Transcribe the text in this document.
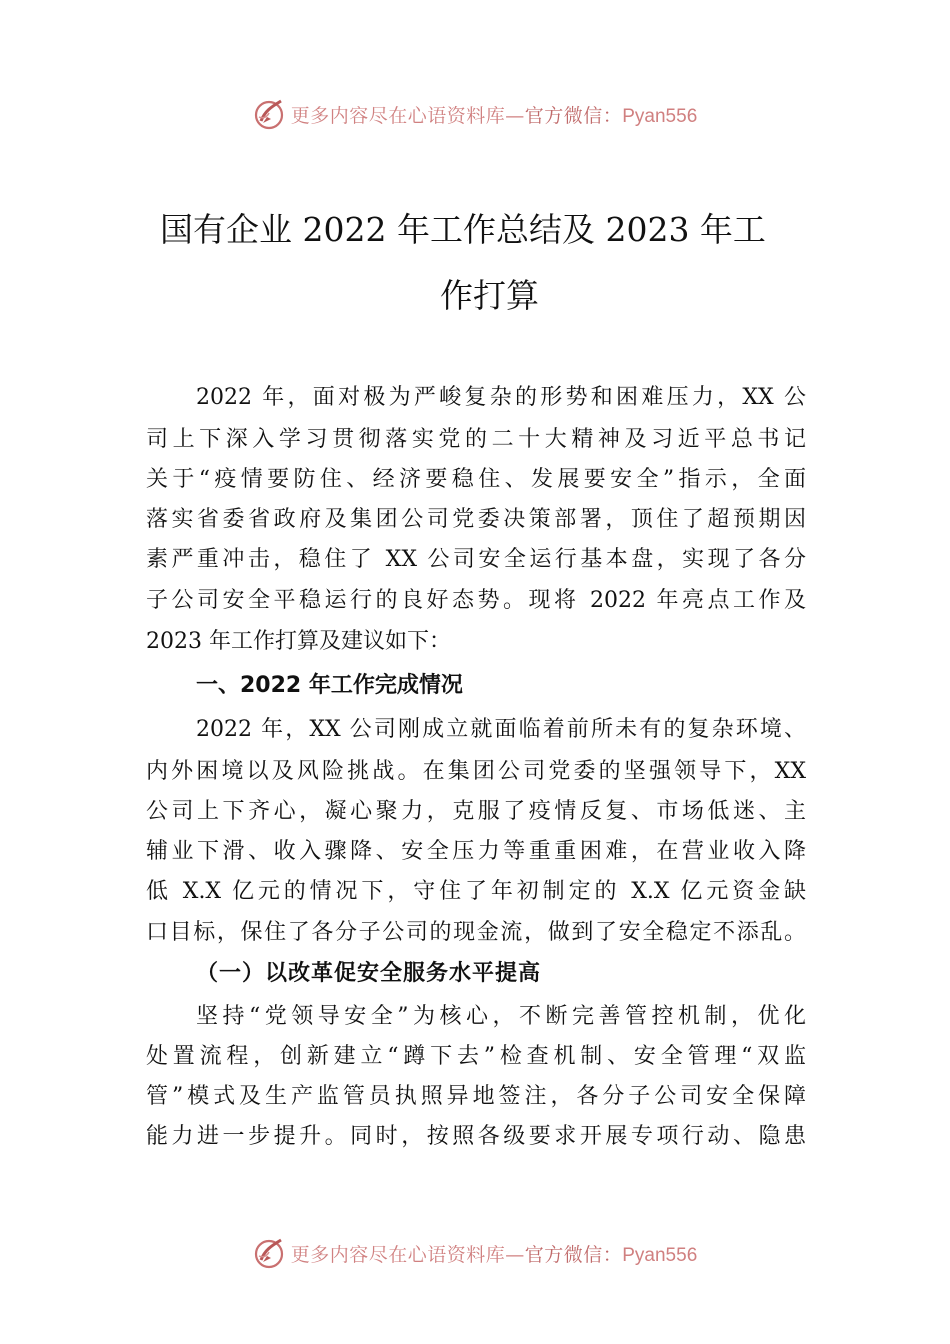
更多内容尽在心语资料库—官方微信：Pyan556
国有企业 2022 年工作总结及 2023 年工
作打算
2022 年，面对极为严峻复杂的形势和困难压力，XX 公
司上下深入学习贯彻落实党的二十大精神及习近平总书记
关于“疫情要防住、经济要稳住、发展要安全”指示，全面
落实省委省政府及集团公司党委决策部署，顶住了超预期因
素严重冲击，稳住了 XX 公司安全运行基本盘，实现了各分
子公司安全平稳运行的良好态势。现将 2022 年亮点工作及
2023 年工作打算及建议如下：
一、2022 年工作完成情况
2022 年，XX 公司刚成立就面临着前所未有的复杂环境、
内外困境以及风险挑战。在集团公司党委的坚强领导下，XX
公司上下齐心，凝心聚力，克服了疫情反复、市场低迷、主
辅业下滑、收入骤降、安全压力等重重困难，在营业收入降
低 X.X 亿元的情况下，守住了年初制定的 X.X 亿元资金缺
口目标，保住了各分子公司的现金流，做到了安全稳定不添乱。
（一）以改革促安全服务水平提高
坚持“党领导安全”为核心，不断完善管控机制，优化
处置流程，创新建立“蹲下去”检查机制、安全管理“双监
管”模式及生产监管员执照异地签注，各分子公司安全保障
能力进一步提升。同时，按照各级要求开展专项行动、隐患
更多内容尽在心语资料库—官方微信：Pyan556
